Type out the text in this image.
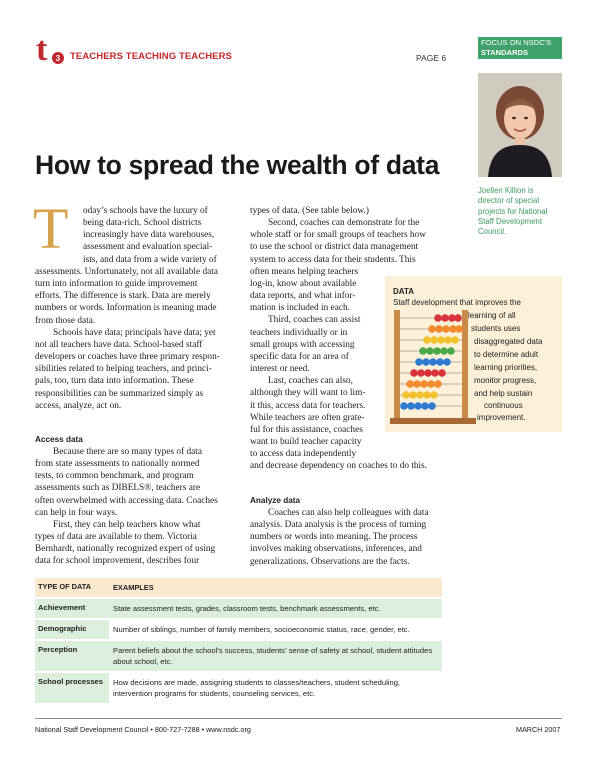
t 3 TEACHERS TEACHING TEACHERS	PAGE 6
FOCUS ON NSDC'S
STANDARDS
Joellen Killion is
director of special
projects for National
Staff Development
Council.
How to spread the wealth of data
T oday’s schools have the luxury of
being data-rich. School districts
increasingly have data warehouses,
assessment and evaluation special-
ists, and data from a wide variety of
assessments. Unfortunately, not all available data
turn into information to guide improvement
efforts. The difference is stark. Data are merely
numbers or words. Information is meaning made
from those data.
Schools have data; principals have data; yet
not all teachers have data. School-based staff
developers or coaches have three primary respon-
sibilities related to helping teachers, and princi-
pals, too, turn data into information. These
responsibilities can be summarized simply as
access, analyze, act on.
Access data
Because there are so many types of data
from state assessments to nationally normed
tests, to common benchmark, and program
assessments such as DIBELS®, teachers are
often overwhelmed with accessing data. Coaches
can help in four ways.
First, they can help teachers know what
types of data are available to them. Victoria
Bernhardt, nationally recognized expert of using
data for school improvement, describes four
types of data. (See table below.)
Second, coaches can demonstrate for the
whole staff or for small groups of teachers how
to use the school or district data management
system to access data for their students. This
often means helping teachers
log-in, know about available
data reports, and what infor-
mation is included in each.
Third, coaches can assist
teachers individually or in
small groups with accessing
specific data for an area of
interest or need.
Last, coaches can also,
although they will want to lim-
it this, access data for teachers.
While teachers are often grate-
ful for this assistance, coaches
want to build teacher capacity
to access data independently
and decrease dependency on coaches to do this.
Analyze data
Coaches can also help colleagues with data
analysis. Data analysis is the process of turning
numbers or words into meaning. The process
involves making observations, inferences, and
generalizations. Observations are the facts.
DATA
Staff development that improves the
learning of all
students uses
disaggregated data
to determine adult
learning priorities,
monitor progress,
and help sustain
continuous
improvement.
TYPE OF DATA	EXAMPLES
Achievement	State assessment tests, grades, classroom tests, benchmark assessments, etc.
Demographic	Number of siblings, number of family members, socioeconomic status, race, gender, etc.
Perception	Parent beliefs about the school’s success, students’ sense of safety at school, student attitudes about school, etc.
School processes	How decisions are made, assigning students to classes/teachers, student scheduling, intervention programs for students, counseling services, etc.
National Staff Development Council • 800-727-7288 • www.nsdc.org	MARCH 2007
